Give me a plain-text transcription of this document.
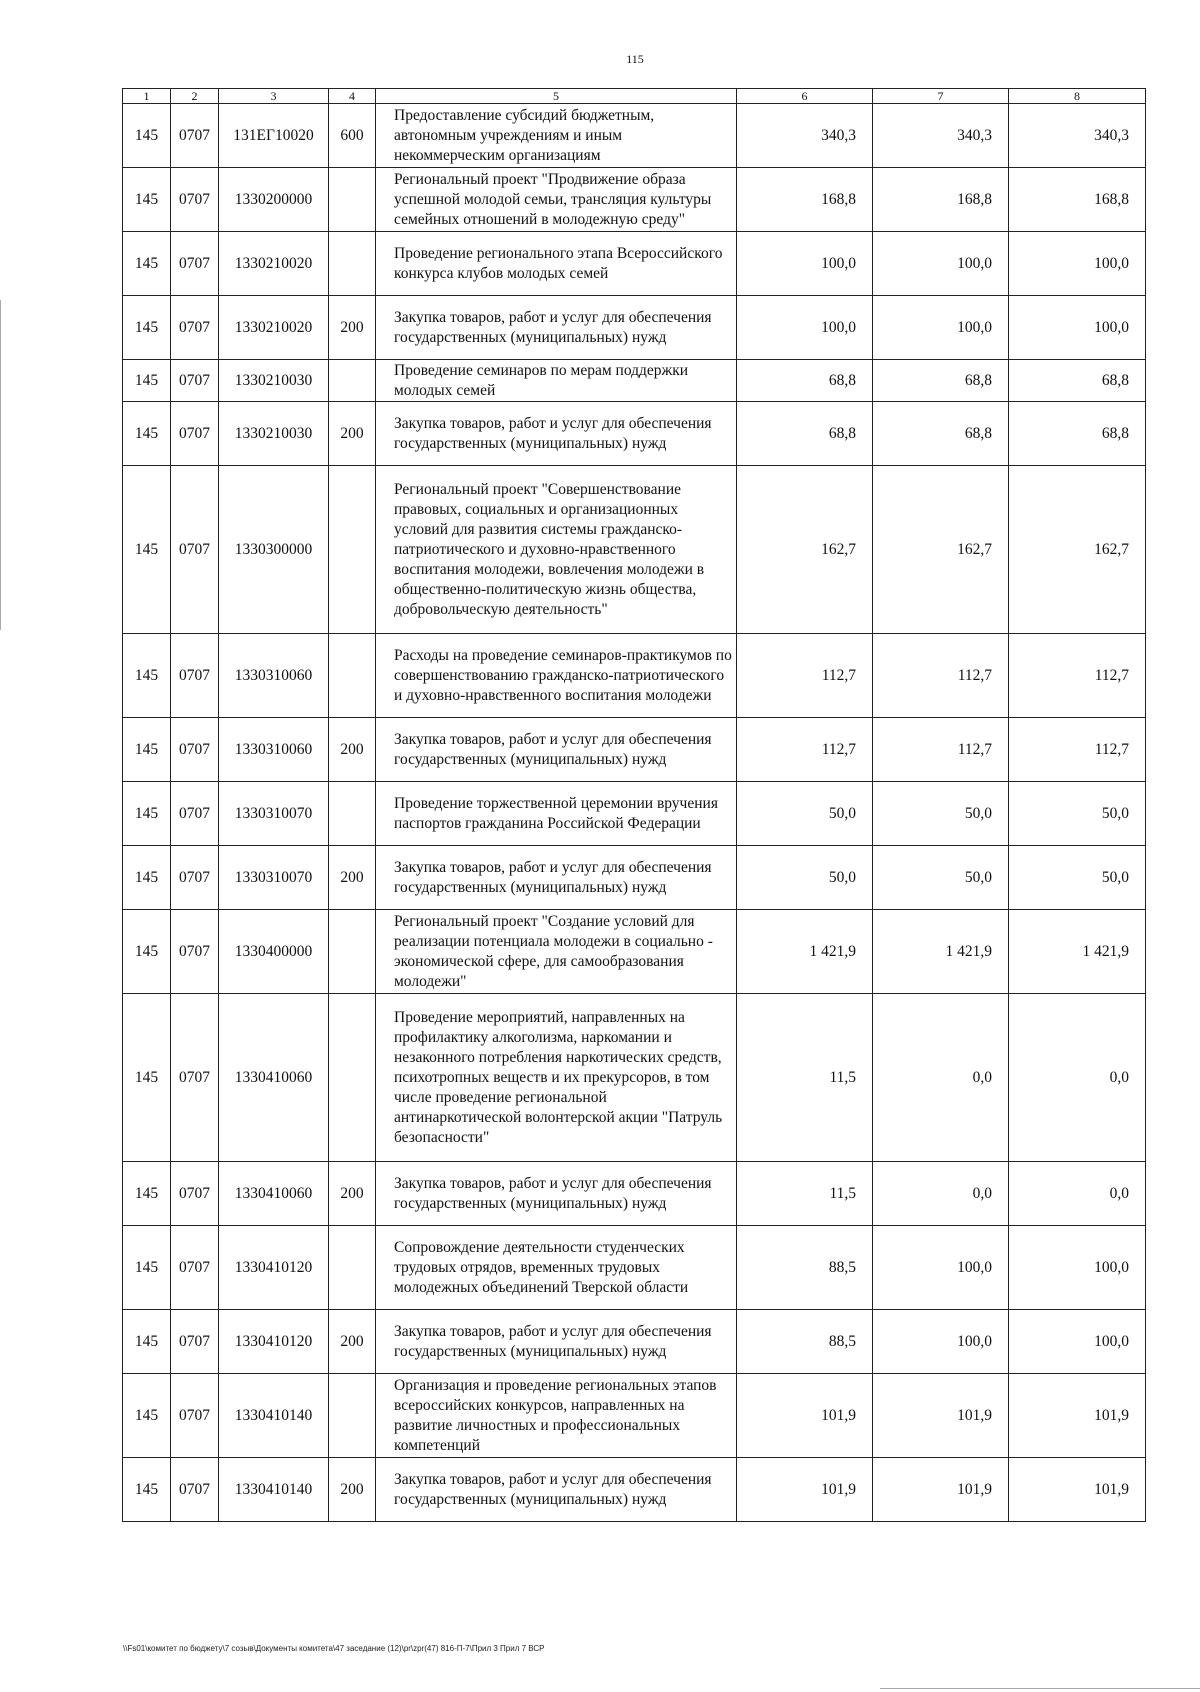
115
1	2	3	4	5	6	7	8
145	0707	131ЕГ10020	600	Предоставление субсидий бюджетным, автономным учреждениям и иным некоммерческим организациям	340,3	340,3	340,3
145	0707	1330200000		Региональный проект "Продвижение образа успешной молодой семьи, трансляция культуры семейных отношений в молодежную среду"	168,8	168,8	168,8
145	0707	1330210020		Проведение регионального этапа Всероссийского конкурса клубов молодых семей	100,0	100,0	100,0
145	0707	1330210020	200	Закупка товаров, работ и услуг для обеспечения государственных (муниципальных) нужд	100,0	100,0	100,0
145	0707	1330210030		Проведение семинаров по мерам поддержки молодых семей	68,8	68,8	68,8
145	0707	1330210030	200	Закупка товаров, работ и услуг для обеспечения государственных (муниципальных) нужд	68,8	68,8	68,8
145	0707	1330300000		Региональный проект "Совершенствование правовых, социальных и организационных условий для развития системы гражданско-патриотического и духовно-нравственного воспитания молодежи, вовлечения молодежи в общественно-политическую жизнь общества, добровольческую деятельность"	162,7	162,7	162,7
145	0707	1330310060		Расходы на проведение семинаров-практикумов по совершенствованию гражданско-патриотического и духовно-нравственного воспитания молодежи	112,7	112,7	112,7
145	0707	1330310060	200	Закупка товаров, работ и услуг для обеспечения государственных (муниципальных) нужд	112,7	112,7	112,7
145	0707	1330310070		Проведение торжественной церемонии вручения паспортов гражданина Российской Федерации	50,0	50,0	50,0
145	0707	1330310070	200	Закупка товаров, работ и услуг для обеспечения государственных (муниципальных) нужд	50,0	50,0	50,0
145	0707	1330400000		Региональный проект "Создание условий для реализации потенциала молодежи в социально - экономической сфере, для самообразования молодежи"	1 421,9	1 421,9	1 421,9
145	0707	1330410060		Проведение мероприятий, направленных на профилактику алкоголизма, наркомании и незаконного потребления наркотических средств, психотропных веществ и их прекурсоров, в том числе проведение региональной антинаркотической волонтерской акции "Патруль безопасности"	11,5	0,0	0,0
145	0707	1330410060	200	Закупка товаров, работ и услуг для обеспечения государственных (муниципальных) нужд	11,5	0,0	0,0
145	0707	1330410120		Сопровождение деятельности студенческих трудовых отрядов, временных трудовых молодежных объединений Тверской области	88,5	100,0	100,0
145	0707	1330410120	200	Закупка товаров, работ и услуг для обеспечения государственных (муниципальных) нужд	88,5	100,0	100,0
145	0707	1330410140		Организация и проведение региональных этапов всероссийских конкурсов, направленных на развитие личностных и профессиональных компетенций	101,9	101,9	101,9
145	0707	1330410140	200	Закупка товаров, работ и услуг для обеспечения государственных (муниципальных) нужд	101,9	101,9	101,9
\\Fs01\комитет по бюджету\7 созыв\Документы комитета\47 заседание (12)\pr\zpr(47) 816-П-7\Прил 3 Прил 7 ВСР
